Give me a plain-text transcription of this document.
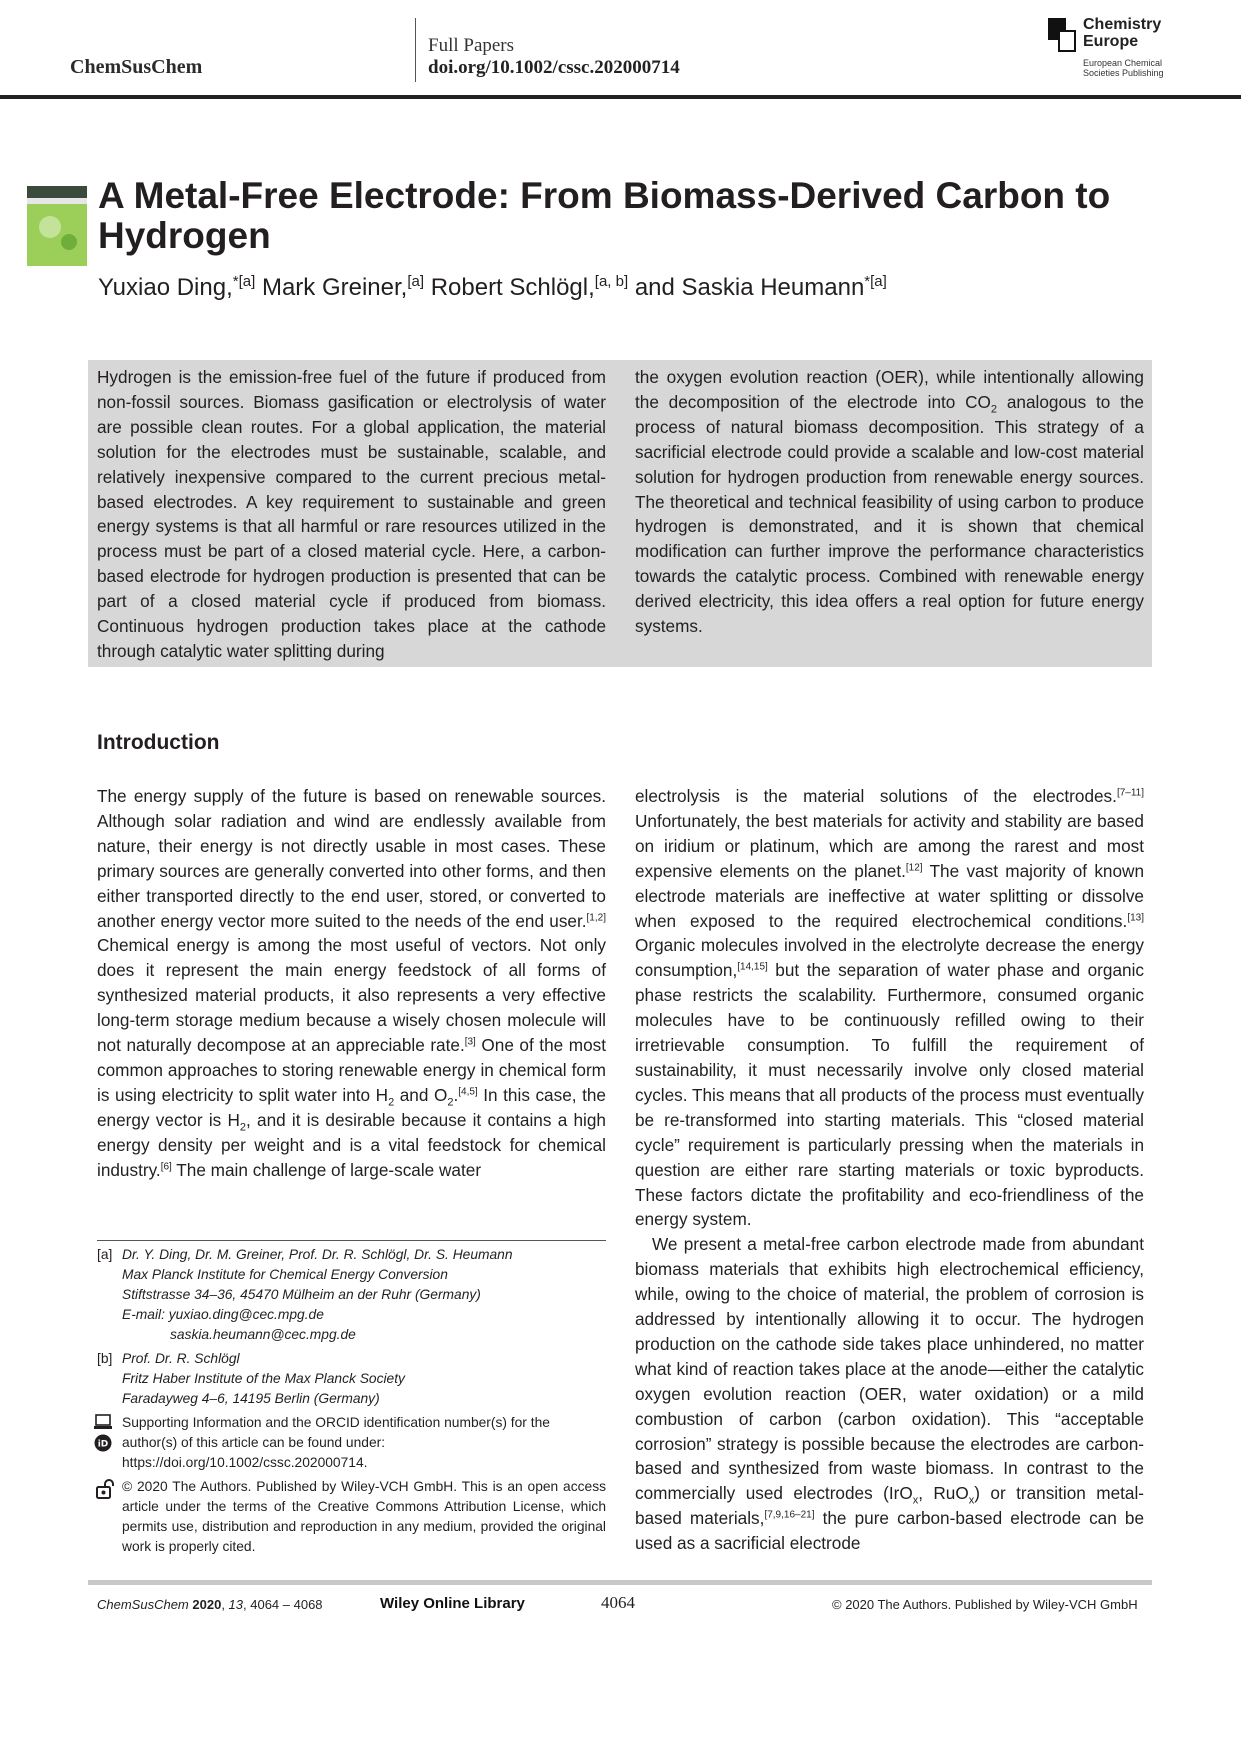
ChemSusChem
Full Papers
doi.org/10.1002/cssc.202000714
Chemistry
Europe
European Chemical
Societies Publishing
A Metal-Free Electrode: From Biomass-Derived Carbon to Hydrogen
Yuxiao Ding,$^{*[a]}$ Mark Greiner,[a] Robert Schlögl,[a, b] and Saskia Heumann$^{*[a]}$
Hydrogen is the emission-free fuel of the future if produced from non-fossil sources. Biomass gasification or electrolysis of water are possible clean routes. For a global application, the material solution for the electrodes must be sustainable, scalable, and relatively inexpensive compared to the current precious metal-based electrodes. A key requirement to sustainable and green energy systems is that all harmful or rare resources utilized in the process must be part of a closed material cycle. Here, a carbon-based electrode for hydrogen production is presented that can be part of a closed material cycle if produced from biomass. Continuous hydrogen production takes place at the cathode through catalytic water splitting during
the oxygen evolution reaction (OER), while intentionally allowing the decomposition of the electrode into $CO_2$ analogous to the process of natural biomass decomposition. This strategy of a sacrificial electrode could provide a scalable and low-cost material solution for hydrogen production from renewable energy sources. The theoretical and technical feasibility of using carbon to produce hydrogen is demonstrated, and it is shown that chemical modification can further improve the performance characteristics towards the catalytic process. Combined with renewable energy derived electricity, this idea offers a real option for future energy systems.
Introduction
The energy supply of the future is based on renewable sources. Although solar radiation and wind are endlessly available from nature, their energy is not directly usable in most cases. These primary sources are generally converted into other forms, and then either transported directly to the end user, stored, or converted to another energy vector more suited to the needs of the end user.[1,2] Chemical energy is among the most useful of vectors. Not only does it represent the main energy feedstock of all forms of synthesized material products, it also represents a very effective long-term storage medium because a wisely chosen molecule will not naturally decompose at an appreciable rate.[3] One of the most common approaches to storing renewable energy in chemical form is using electricity to split water into $H_2$ and $O_2.[4,5]$ In this case, the energy vector is $H_2$, and it is desirable because it contains a high energy density per weight and is a vital feedstock for chemical industry.[6] The main challenge of large-scale water
electrolysis is the material solutions of the electrodes.[7–11] Unfortunately, the best materials for activity and stability are based on iridium or platinum, which are among the rarest and most expensive elements on the planet.[12] The vast majority of known electrode materials are ineffective at water splitting or dissolve when exposed to the required electrochemical conditions.[13] Organic molecules involved in the electrolyte decrease the energy consumption,[14,15] but the separation of water phase and organic phase restricts the scalability. Furthermore, consumed organic molecules have to be continuously refilled owing to their irretrievable consumption. To fulfill the requirement of sustainability, it must necessarily involve only closed material cycles. This means that all products of the process must eventually be re-transformed into starting materials. This “closed material cycle” requirement is particularly pressing when the materials in question are either rare starting materials or toxic byproducts. These factors dictate the profitability and eco-friendliness of the energy system.
We present a metal-free carbon electrode made from abundant biomass materials that exhibits high electrochemical efficiency, while, owing to the choice of material, the problem of corrosion is addressed by intentionally allowing it to occur. The hydrogen production on the cathode side takes place unhindered, no matter what kind of reaction takes place at the anode—either the catalytic oxygen evolution reaction (OER, water oxidation) or a mild combustion of carbon (carbon oxidation). This “acceptable corrosion” strategy is possible because the electrodes are carbon-based and synthesized from waste biomass. In contrast to the commercially used electrodes (IrO$_x$, RuO$_x$) or transition metal-based materials,[7,9,16–21] the pure carbon-based electrode can be used as a sacrificial electrode
[a] Dr. Y. Ding, Dr. M. Greiner, Prof. Dr. R. Schlögl, Dr. S. Heumann
Max Planck Institute for Chemical Energy Conversion
Stiftstrasse 34–36, 45470 Mülheim an der Ruhr (Germany)
E-mail: yuxiao.ding@cec.mpg.de
saskia.heumann@cec.mpg.de
[b] Prof. Dr. R. Schlögl
Fritz Haber Institute of the Max Planck Society
Faradayweg 4–6, 14195 Berlin (Germany)
iD
Supporting Information and the ORCID identification number(s) for the author(s) of this article can be found under: https://doi.org/10.1002/cssc.202000714.
© 2020 The Authors. Published by Wiley-VCH GmbH. This is an open access article under the terms of the Creative Commons Attribution License, which permits use, distribution and reproduction in any medium, provided the original work is properly cited.
ChemSusChem 2020, 13, 4064 – 4068	Wiley Online Library	4064	© 2020 The Authors. Published by Wiley-VCH GmbH
